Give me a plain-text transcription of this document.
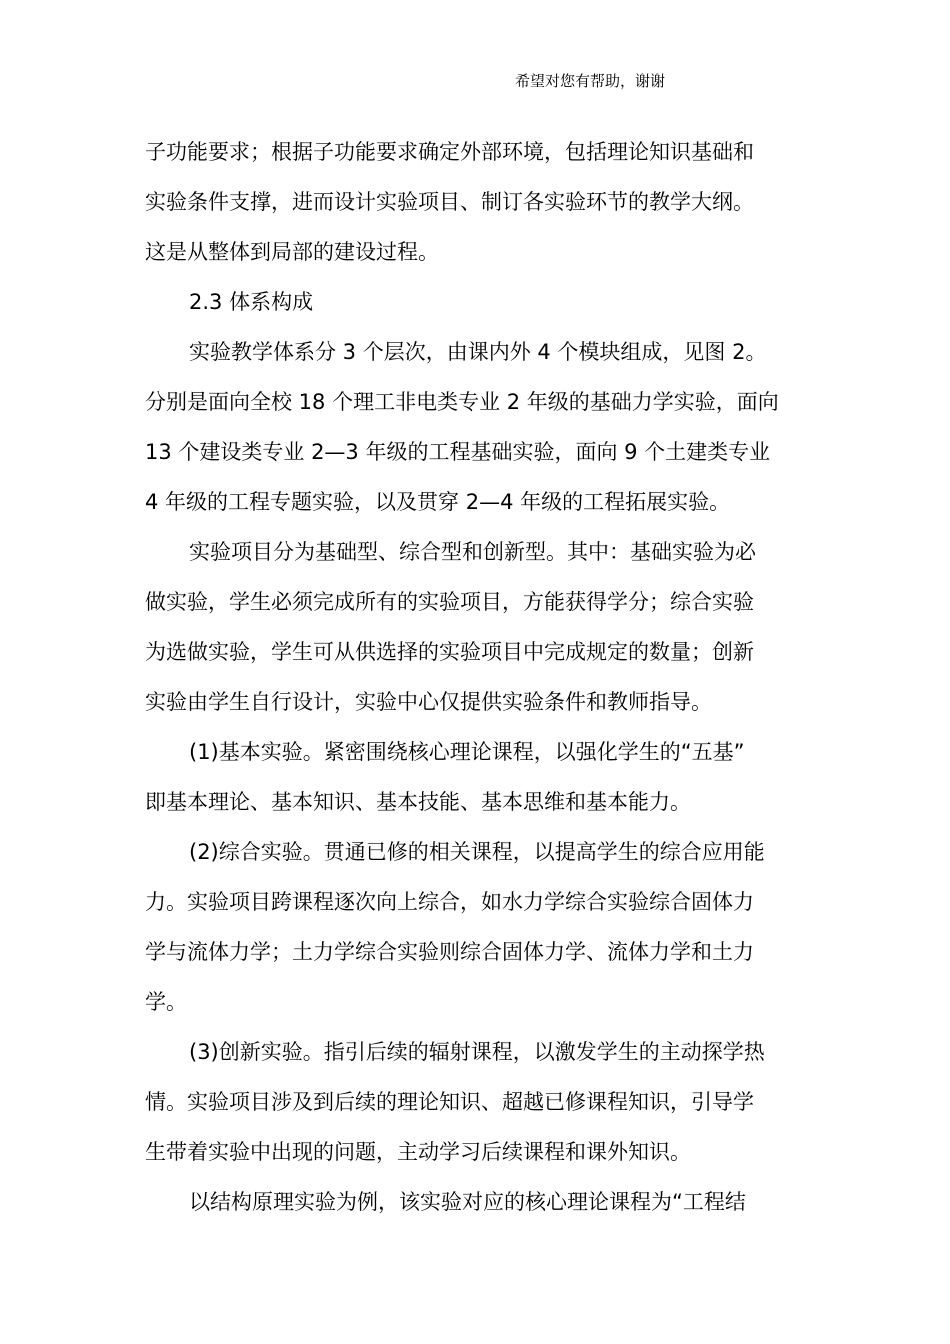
希望对您有帮助，谢谢
子功能要求；根据子功能要求确定外部环境，包括理论知识基础和
实验条件支撑，进而设计实验项目、制订各实验环节的教学大纲。
这是从整体到局部的建设过程。
2.3 体系构成
实验教学体系分 3 个层次，由课内外 4 个模块组成，见图 2。
分别是面向全校 18 个理工非电类专业 2 年级的基础力学实验，面向
13 个建设类专业 2—3 年级的工程基础实验，面向 9 个土建类专业
4 年级的工程专题实验，以及贯穿 2—4 年级的工程拓展实验。
实验项目分为基础型、综合型和创新型。其中：基础实验为必
做实验，学生必须完成所有的实验项目，方能获得学分；综合实验
为选做实验，学生可从供选择的实验项目中完成规定的数量；创新
实验由学生自行设计，实验中心仅提供实验条件和教师指导。
(1)基本实验。紧密围绕核心理论课程，以强化学生的“五基”
即基本理论、基本知识、基本技能、基本思维和基本能力。
(2)综合实验。贯通已修的相关课程，以提高学生的综合应用能
力。实验项目跨课程逐次向上综合，如水力学综合实验综合固体力
学与流体力学；土力学综合实验则综合固体力学、流体力学和土力
学。
(3)创新实验。指引后续的辐射课程，以激发学生的主动探学热
情。实验项目涉及到后续的理论知识、超越已修课程知识，引导学
生带着实验中出现的问题，主动学习后续课程和课外知识。
以结构原理实验为例，该实验对应的核心理论课程为“工程结
